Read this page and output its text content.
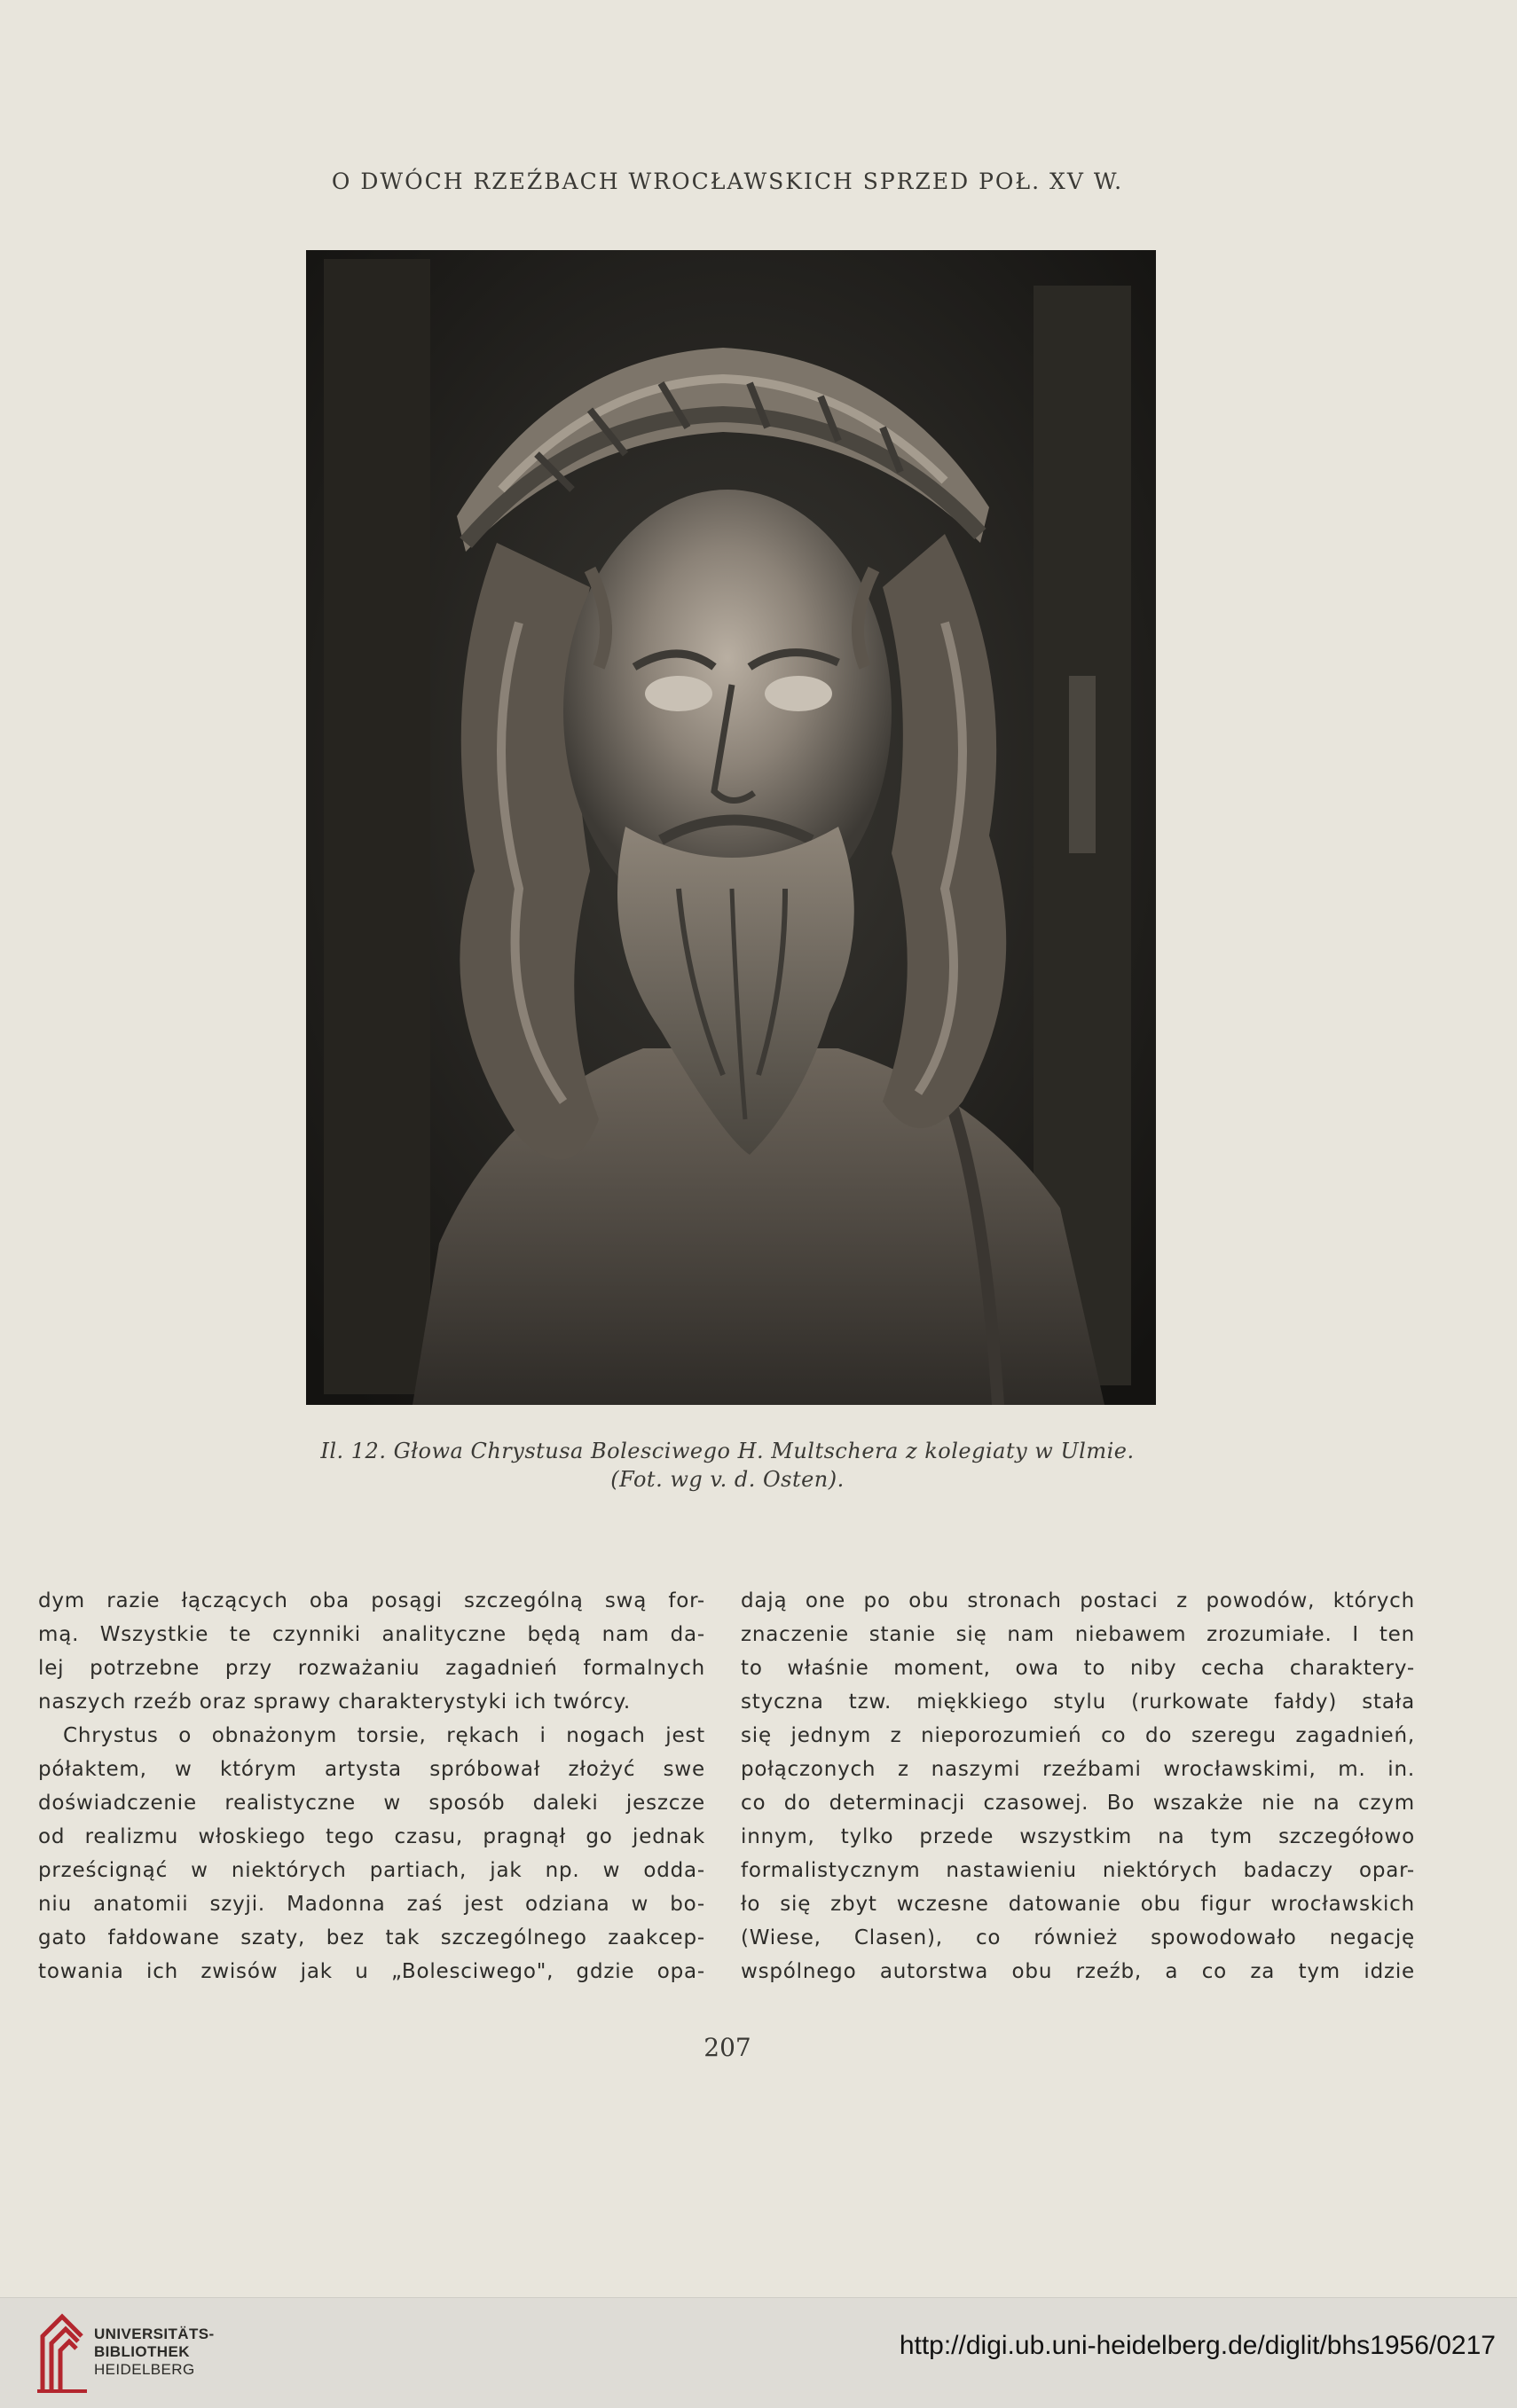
O DWÓCH RZEŹBACH WROCŁAWSKICH SPRZED POŁ. XV W.
Il. 12. Głowa Chrystusa Bolesciwego H. Multschera z kolegiaty w Ulmie.
(Fot. wg v. d. Osten).
dym razie łączących oba posągi szczególną swą for-
mą. Wszystkie te czynniki analityczne będą nam da-
lej potrzebne przy rozważaniu zagadnień formalnych
naszych rzeźb oraz sprawy charakterystyki ich twórcy.
Chrystus o obnażonym torsie, rękach i nogach jest
półaktem, w którym artysta spróbował złożyć swe
doświadczenie realistyczne w sposób daleki jeszcze
od realizmu włoskiego tego czasu, pragnął go jednak
prześcignąć w niektórych partiach, jak np. w odda-
niu anatomii szyji. Madonna zaś jest odziana w bo-
gato fałdowane szaty, bez tak szczególnego zaakcep-
towania ich zwisów jak u „Bolesciwego", gdzie opa-
dają one po obu stronach postaci z powodów, których
znaczenie stanie się nam niebawem zrozumiałe. I ten
to właśnie moment, owa to niby cecha charaktery-
styczna tzw. miękkiego stylu (rurkowate fałdy) stała
się jednym z nieporozumień co do szeregu zagadnień,
połączonych z naszymi rzeźbami wrocławskimi, m. in.
co do determinacji czasowej. Bo wszakże nie na czym
innym, tylko przede wszystkim na tym szczegółowo
formalistycznym nastawieniu niektórych badaczy opar-
ło się zbyt wczesne datowanie obu figur wrocławskich
(Wiese, Clasen), co również spowodowało negację
wspólnego autorstwa obu rzeźb, a co za tym idzie
207
UNIVERSITÄTS-
BIBLIOTHEK
HEIDELBERG
http://digi.ub.uni-heidelberg.de/diglit/bhs1956/0217
